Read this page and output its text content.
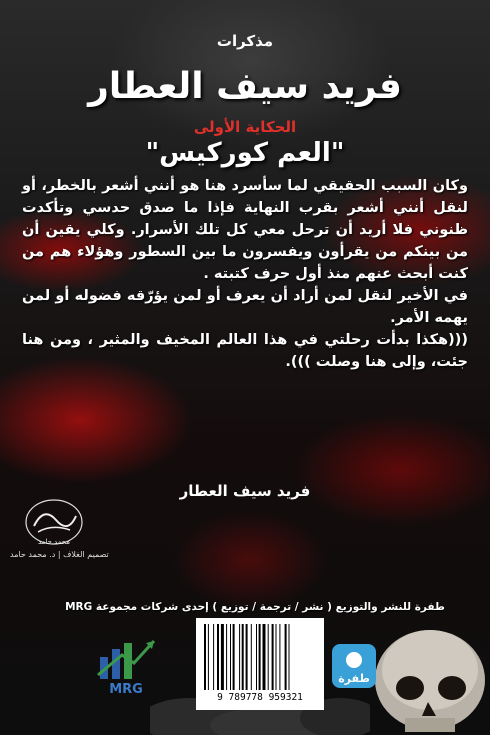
مذكرات
فريد سيف العطار
الحكاية الأولى
"العم كوركيس"

وكان السبب الحقيقي لما سأسرد هنا هو أنني أشعر بالخطر، أو لنقل أنني أشعر بقرب النهاية فإذا ما صدق حدسي وتأكدت ظنوني فلا أريد أن ترحل معي كل تلك الأسرار. وكلي يقين أن من بينكم من يقرأون ويفسرون ما بين السطور وهؤلاء هم من كنت أبحث عنهم منذ أول حرف كتبته .

في الأخير لنقل لمن أراد أن يعرف أو لمن يؤرّقه فضوله أو لمن يهمه الأمر.

(((هكذا بدأت رحلتي في هذا العالم المخيف والمثير ، ومن هنا جئت، وإلى هنا وصلت ))).

فريد سيف العطار
محمد حامد
تصميم الغلاف | د. محمد حامد
طفرة للنشر والتوزيع ( نشر / ترجمة / توزيع ) إحدى شركات مجموعة MRG
MRG
9 789778 959321
طفرة
